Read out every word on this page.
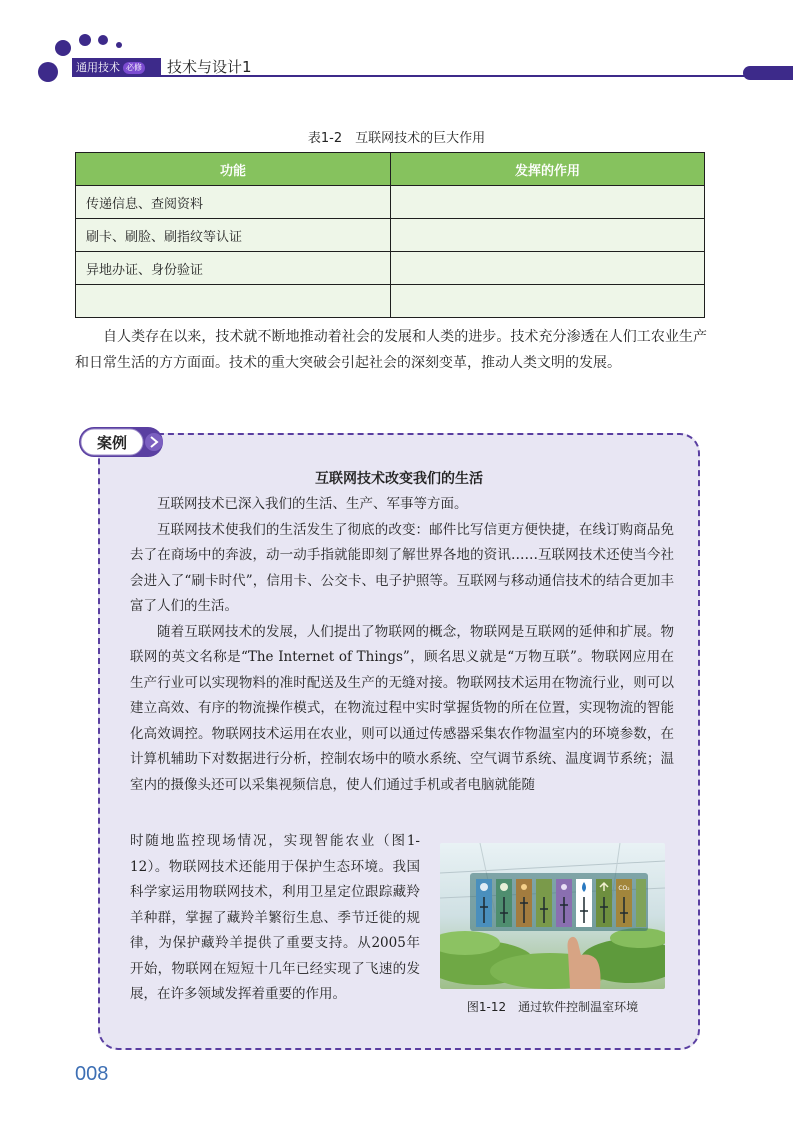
通用技术 必修	技术与设计1
表1-2　互联网技术的巨大作用
功能	发挥的作用
传递信息、查阅资料	
刷卡、刷脸、刷指纹等认证	
异地办证、身份验证	

自人类存在以来，技术就不断地推动着社会的发展和人类的进步。技术充分渗透在人们工农业生产和日常生活的方方面面。技术的重大突破会引起社会的深刻变革，推动人类文明的发展。
案例
互联网技术改变我们的生活

互联网技术已深入我们的生活、生产、军事等方面。

互联网技术使我们的生活发生了彻底的改变：邮件比写信更方便快捷，在线订购商品免去了在商场中的奔波，动一动手指就能即刻了解世界各地的资讯……互联网技术还使当今社会进入了“刷卡时代”，信用卡、公交卡、电子护照等。互联网与移动通信技术的结合更加丰富了人们的生活。

随着互联网技术的发展，人们提出了物联网的概念，物联网是互联网的延伸和扩展。物联网的英文名称是“The Internet of Things”，顾名思义就是“万物互联”。物联网应用在生产行业可以实现物料的准时配送及生产的无缝对接。物联网技术运用在物流行业，则可以建立高效、有序的物流操作模式，在物流过程中实时掌握货物的所在位置，实现物流的智能化高效调控。物联网技术运用在农业，则可以通过传感器采集农作物温室内的环境参数，在计算机辅助下对数据进行分析，控制农场中的喷水系统、空气调节系统、温度调节系统；温室内的摄像头还可以采集视频信息，使人们通过手机或者电脑就能随

时随地监控现场情况，实现智能农业（图1-12）。物联网技术还能用于保护生态环境。我国科学家运用物联网技术，利用卫星定位跟踪藏羚羊种群，掌握了藏羚羊繁衍生息、季节迁徙的规律，为保护藏羚羊提供了重要支持。从2005年开始，物联网在短短十几年已经实现了飞速的发展，在许多领域发挥着重要的作用。
CO₂
图1-12　通过软件控制温室环境
008
